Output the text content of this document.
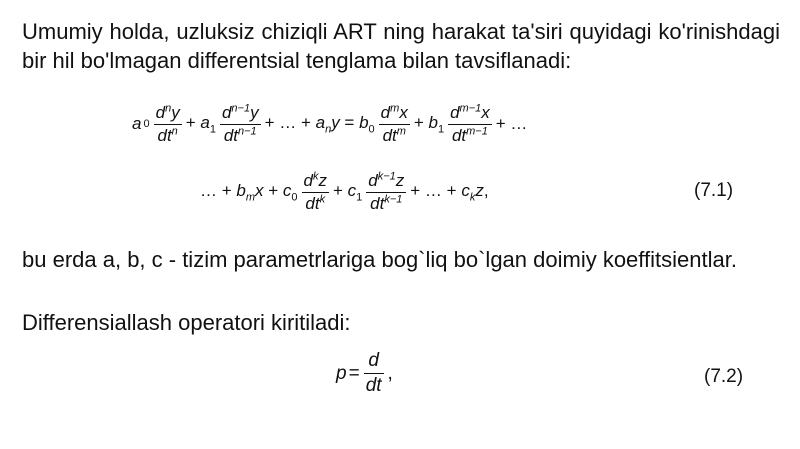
Umumiy holda, uzluksiz chiziqli ART ning harakat ta'siri quyidagi ko'rinishdagi bir hil bo'lmagan differentsial tenglama bilan tavsiflanadi:
a $0 \frac{d^ny}{dt^n} + a_1 \frac{d^{n-1}y}{dt^{n-1}}$ + … + $a_ny = b_0 \frac{d^mx}{dt^m} + b_1 \frac{d^{m-1}x}{dt^{m-1}}$ + …
… + $b_mx + c_0 \frac{d^kz}{dt^k} + c_1 \frac{d^{k-1}z}{dt^{k-1}}$ + … + $c_kz$,	(7.1)
bu erda a, b, c - tizim parametrlariga bog`liq bo`lgan doimiy koeffitsientlar.
Differensiallash operatori kiritiladi:
$p = \frac{d}{dt}$ ,	(7.2)
